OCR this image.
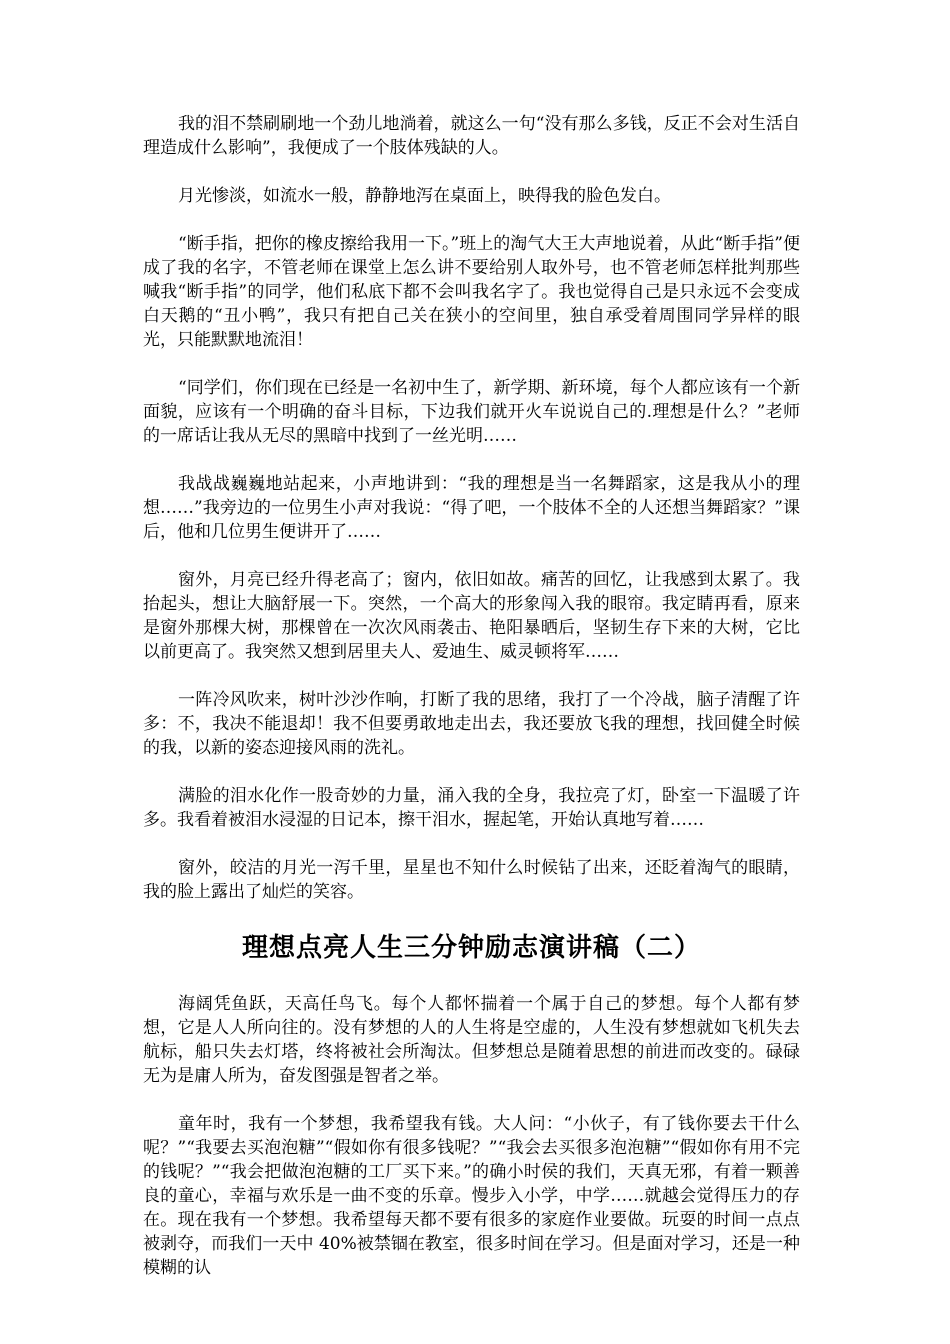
我的泪不禁刷刷地一个劲儿地淌着，就这么一句“没有那么多钱，反正不会对生活自理造成什么影响”，我便成了一个肢体残缺的人。

月光惨淡，如流水一般，静静地泻在桌面上，映得我的脸色发白。

“断手指，把你的橡皮擦给我用一下。”班上的淘气大王大声地说着，从此“断手指”便成了我的名字，不管老师在课堂上怎么讲不要给别人取外号，也不管老师怎样批判那些喊我“断手指”的同学，他们私底下都不会叫我名字了。我也觉得自己是只永远不会变成白天鹅的“丑小鸭”，我只有把自己关在狭小的空间里，独自承受着周围同学异样的眼光，只能默默地流泪！

“同学们，你们现在已经是一名初中生了，新学期、新环境，每个人都应该有一个新面貌，应该有一个明确的奋斗目标，下边我们就开火车说说自己的.理想是什么？”老师的一席话让我从无尽的黑暗中找到了一丝光明……

我战战巍巍地站起来，小声地讲到：“我的理想是当一名舞蹈家，这是我从小的理想……”我旁边的一位男生小声对我说：“得了吧，一个肢体不全的人还想当舞蹈家？”课后，他和几位男生便讲开了……

窗外，月亮已经升得老高了；窗内，依旧如故。痛苦的回忆，让我感到太累了。我抬起头，想让大脑舒展一下。突然，一个高大的形象闯入我的眼帘。我定睛再看，原来是窗外那棵大树，那棵曾在一次次风雨袭击、艳阳暴晒后，坚韧生存下来的大树，它比以前更高了。我突然又想到居里夫人、爱迪生、威灵顿将军……

一阵冷风吹来，树叶沙沙作响，打断了我的思绪，我打了一个冷战，脑子清醒了许多：不，我决不能退却！我不但要勇敢地走出去，我还要放飞我的理想，找回健全时候的我，以新的姿态迎接风雨的洗礼。

满脸的泪水化作一股奇妙的力量，涌入我的全身，我拉亮了灯，卧室一下温暖了许多。我看着被泪水浸湿的日记本，擦干泪水，握起笔，开始认真地写着……

窗外，皎洁的月光一泻千里，星星也不知什么时候钻了出来，还眨着淘气的眼睛，我的脸上露出了灿烂的笑容。

理想点亮人生三分钟励志演讲稿（二）

海阔凭鱼跃，天高任鸟飞。每个人都怀揣着一个属于自己的梦想。每个人都有梦想，它是人人所向往的。没有梦想的人的人生将是空虚的，人生没有梦想就如飞机失去航标，船只失去灯塔，终将被社会所淘汰。但梦想总是随着思想的前进而改变的。碌碌无为是庸人所为，奋发图强是智者之举。

童年时，我有一个梦想，我希望我有钱。大人问：“小伙子，有了钱你要去干什么呢？”“我要去买泡泡糖”“假如你有很多钱呢？”“我会去买很多泡泡糖”“假如你有用不完的钱呢？”“我会把做泡泡糖的工厂买下来。”的确小时侯的我们，天真无邪，有着一颗善良的童心，幸福与欢乐是一曲不变的乐章。慢步入小学，中学……就越会觉得压力的存在。现在我有一个梦想。我希望每天都不要有很多的家庭作业要做。玩耍的时间一点点被剥夺，而我们一天中 40%被禁锢在教室，很多时间在学习。但是面对学习，还是一种模糊的认
